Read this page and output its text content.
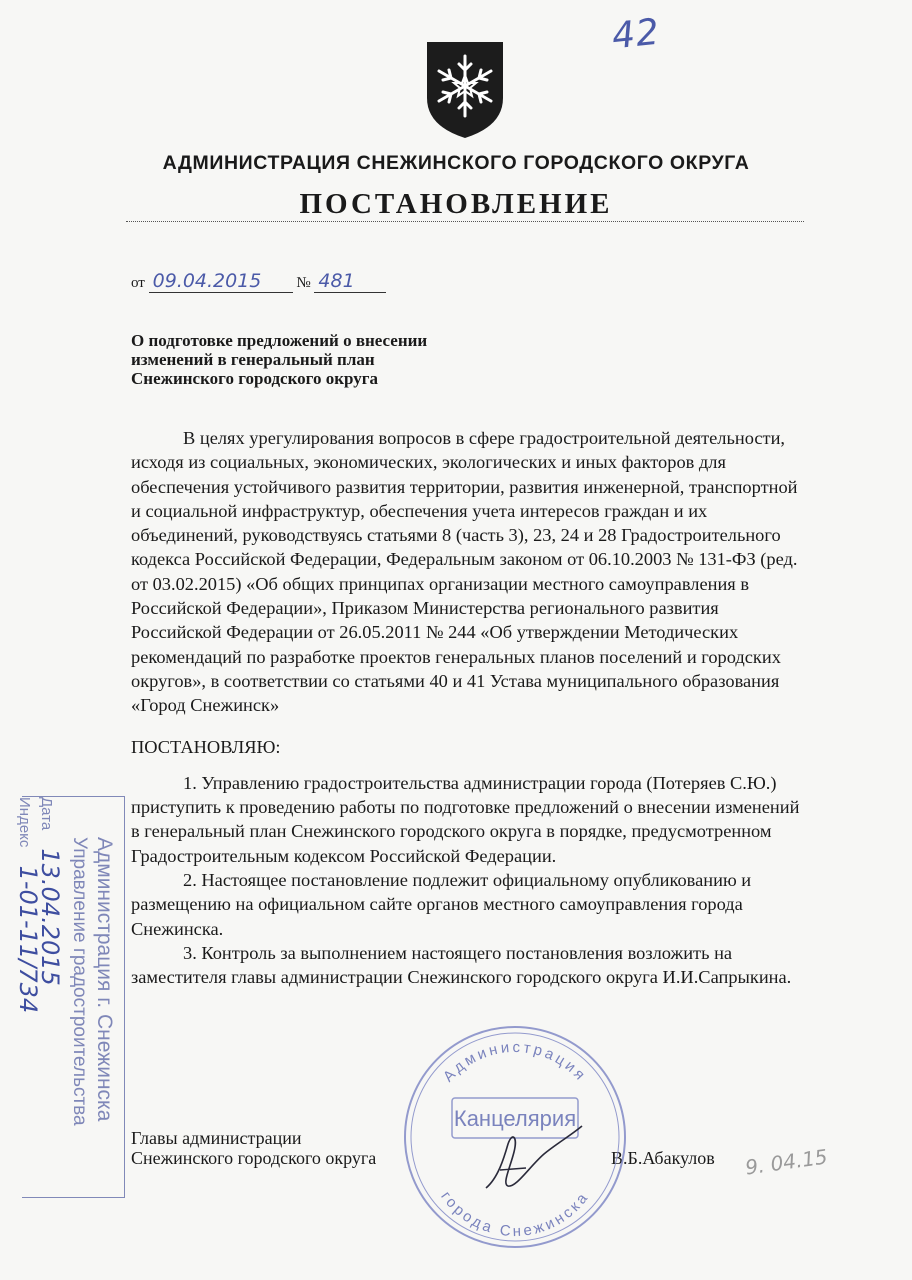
42
АДМИНИСТРАЦИЯ СНЕЖИНСКОГО ГОРОДСКОГО ОКРУГА
ПОСТАНОВЛЕНИЕ
от 09.04.2015 № 481
О подготовке предложений о внесении
изменений в генеральный план
Снежинского городского округа

В целях урегулирования вопросов в сфере градостроительной деятельности, исходя из социальных, экономических, экологических и иных факторов для обеспечения устойчивого развития территории, развития инженерной, транспортной и социальной инфраструктур, обеспечения учета интересов граждан и их объединений, руководствуясь статьями 8 (часть 3), 23, 24 и 28 Градостроительного кодекса Российской Федерации, Федеральным законом от 06.10.2003 № 131-ФЗ (ред. от 03.02.2015) «Об общих принципах организации местного самоуправления в Российской Федерации», Приказом Министерства регионального развития Российской Федерации от 26.05.2011 № 244 «Об утверждении Методических рекомендаций по разработке проектов генеральных планов поселений и городских округов», в соответствии со статьями 40 и 41 Устава муниципального образования «Город Снежинск»

ПОСТАНОВЛЯЮ:

1. Управлению градостроительства администрации города (Потеряев С.Ю.) приступить к проведению работы по подготовке предложений о внесении изменений в генеральный план Снежинского городского округа в порядке, предусмотренном Градостроительным кодексом Российской Федерации.

2. Настоящее постановление подлежит официальному опубликованию и размещению на официальном сайте органов местного самоуправления города Снежинска.

3. Контроль за выполнением настоящего постановления возложить на заместителя главы администрации Снежинского городского округа И.И.Сапрыкина.

Главы администрации
Снежинского городского округа	В.Б.Абакулов
Администрация г. Снежинска
Управление градостроительства
Дата 13.04.2015
Индекс 1-01-11/734
Канцелярия
Администрация
города Снежинска
9. 04.15
